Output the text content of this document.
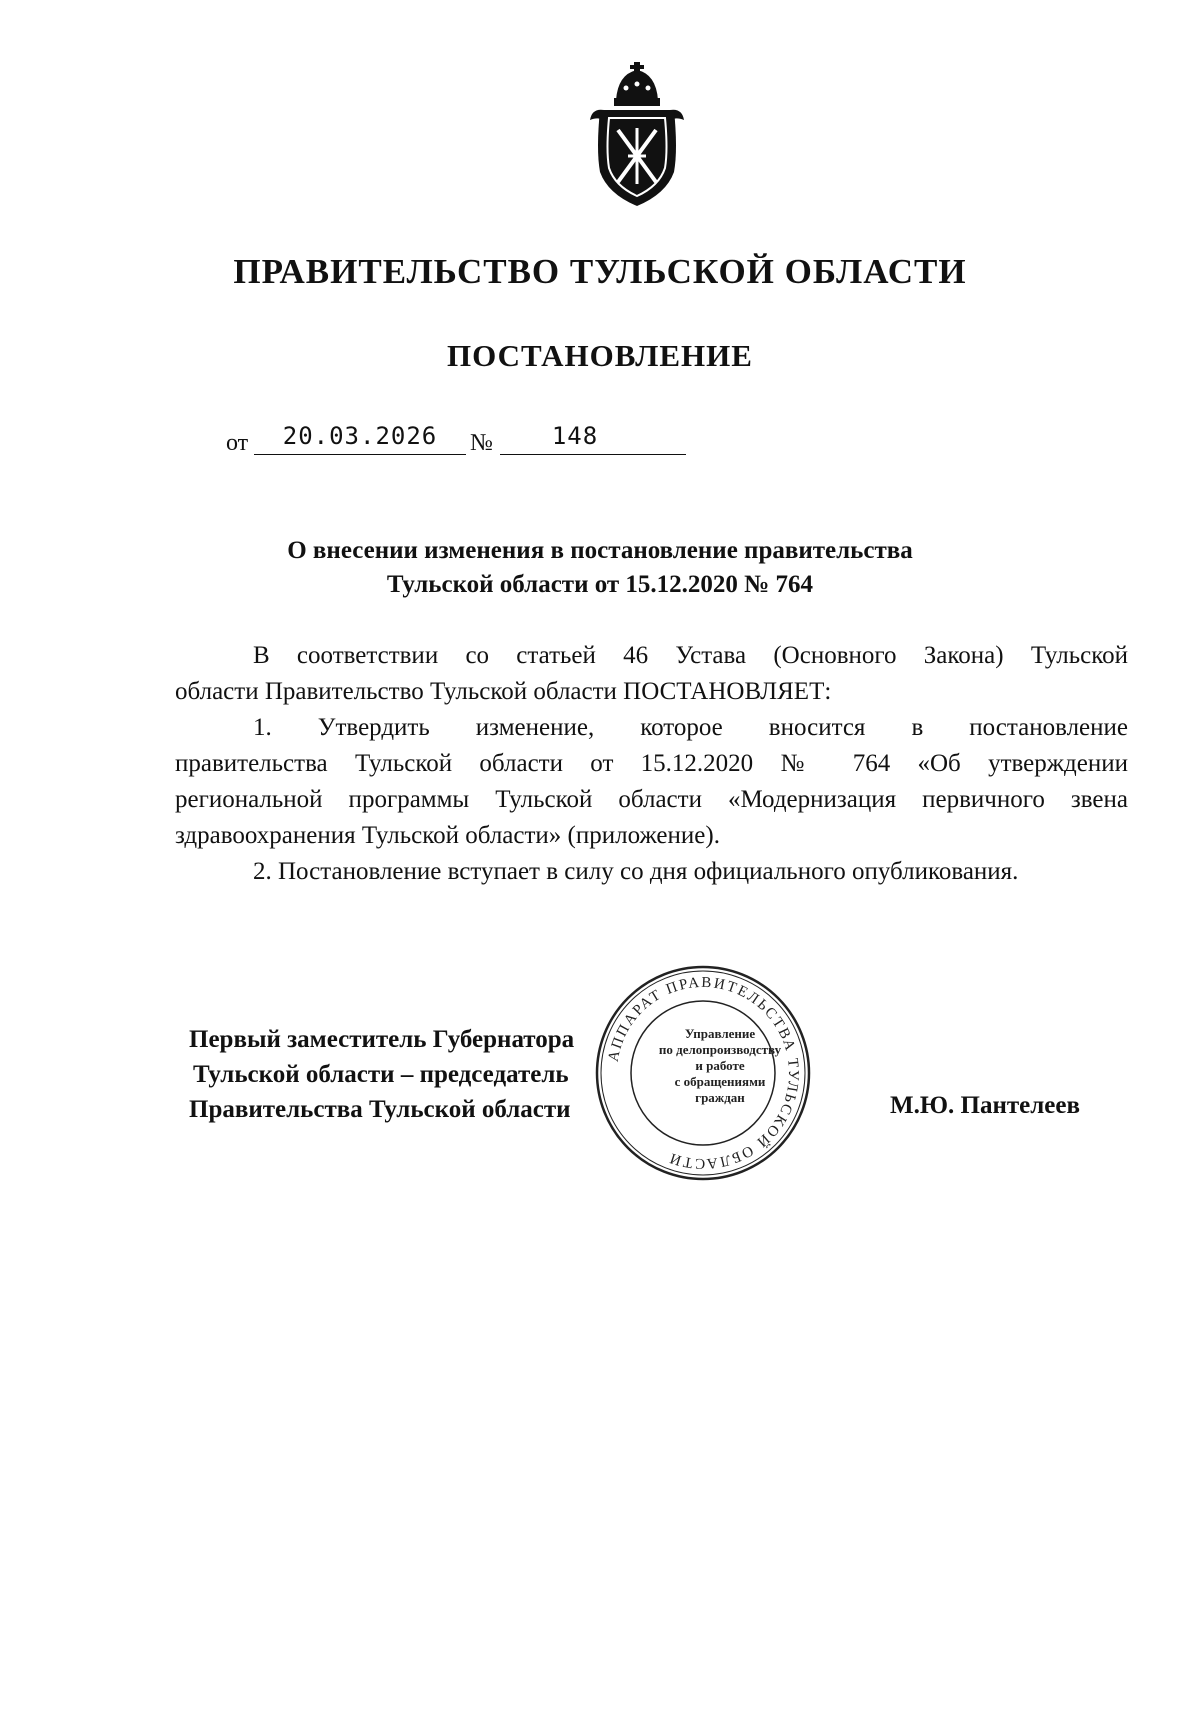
ПРАВИТЕЛЬСТВО ТУЛЬСКОЙ ОБЛАСТИ
ПОСТАНОВЛЕНИЕ
от	20.03.2026	№	148
О внесении изменения в постановление правительства
Тульской области от 15.12.2020 № 764
В соответствии со статьей 46 Устава (Основного Закона) Тульской
области Правительство Тульской области ПОСТАНОВЛЯЕТ:
1. Утвердить изменение, которое вносится в постановление
правительства Тульской области от 15.12.2020 № 764 «Об утверждении
региональной программы Тульской области «Модернизация первичного звена
здравоохранения Тульской области» (приложение).
2. Постановление вступает в силу со дня официального опубликования.
Первый заместитель Губернатора
Тульской области – председатель
Правительства Тульской области
АППАРАТ ПРАВИТЕЛЬСТВА ТУЛЬСКОЙ ОБЛАСТИ
Управление
по делопроизводству
и работе
с обращениями
граждан	М.Ю. Пантелеев
